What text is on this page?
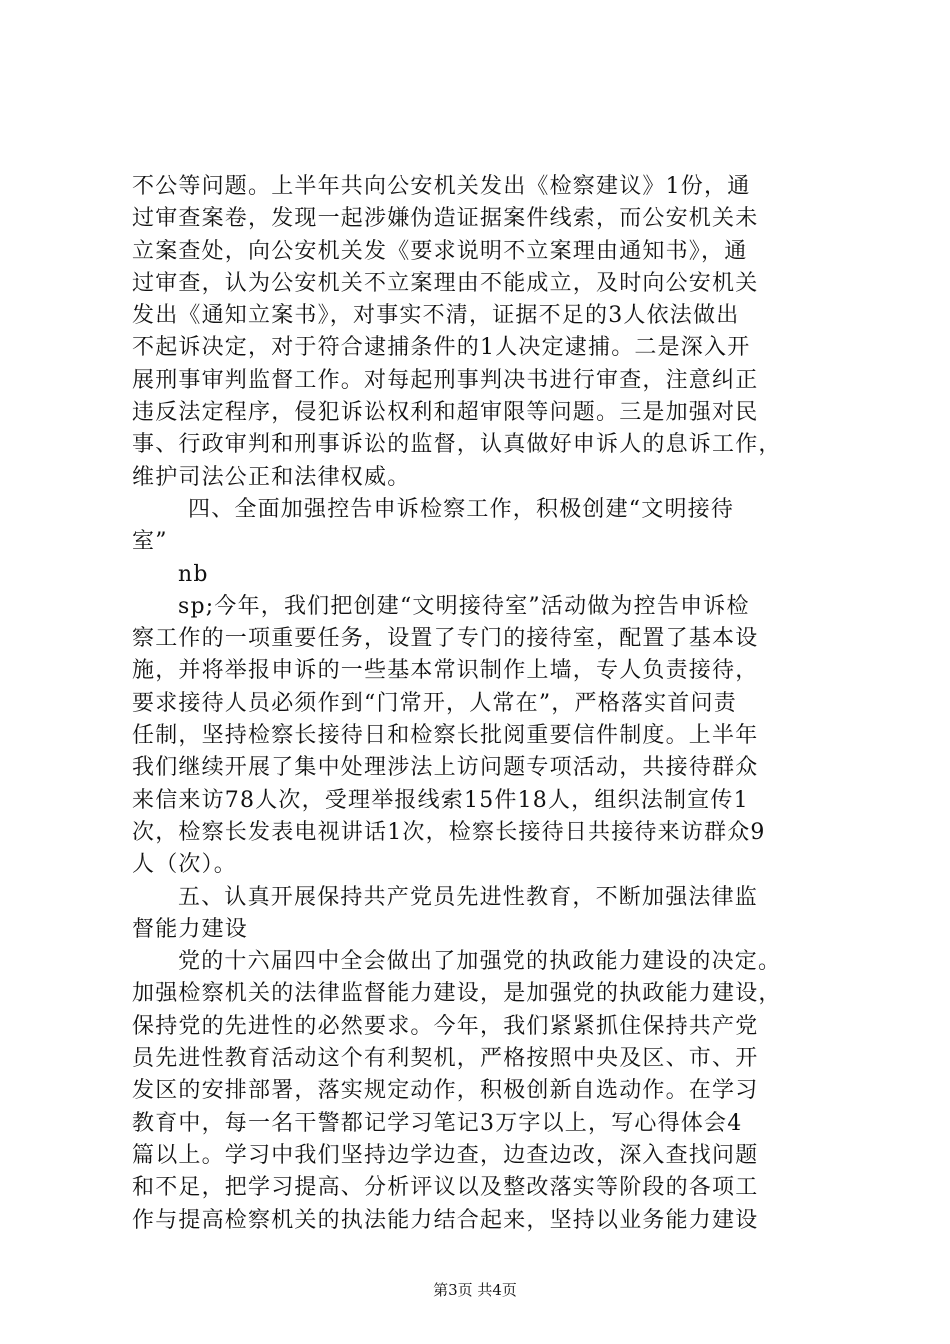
不公等问题。上半年共向公安机关发出《检察建议》1份，通
过审查案卷，发现一起涉嫌伪造证据案件线索，而公安机关未
立案查处，向公安机关发《要求说明不立案理由通知书》，通
过审查，认为公安机关不立案理由不能成立，及时向公安机关
发出《通知立案书》，对事实不清，证据不足的3人依法做出
不起诉决定，对于符合逮捕条件的1人决定逮捕。二是深入开
展刑事审判监督工作。对每起刑事判决书进行审查，注意纠正
违反法定程序，侵犯诉讼权利和超审限等问题。三是加强对民
事、行政审判和刑事诉讼的监督，认真做好申诉人的息诉工作，
维护司法公正和法律权威。
四、全面加强控告申诉检察工作，积极创建“文明接待
室”
nb
sp;今年，我们把创建“文明接待室”活动做为控告申诉检
察工作的一项重要任务，设置了专门的接待室，配置了基本设
施，并将举报申诉的一些基本常识制作上墙，专人负责接待，
要求接待人员必须作到“门常开，人常在”，严格落实首问责
任制，坚持检察长接待日和检察长批阅重要信件制度。上半年
我们继续开展了集中处理涉法上访问题专项活动，共接待群众
来信来访78人次，受理举报线索15件18人，组织法制宣传1
次，检察长发表电视讲话1次，检察长接待日共接待来访群众9
人（次）。
五、认真开展保持共产党员先进性教育，不断加强法律监
督能力建设
党的十六届四中全会做出了加强党的执政能力建设的决定。
加强检察机关的法律监督能力建设，是加强党的执政能力建设，
保持党的先进性的必然要求。今年，我们紧紧抓住保持共产党
员先进性教育活动这个有利契机，严格按照中央及区、市、开
发区的安排部署，落实规定动作，积极创新自选动作。在学习
教育中，每一名干警都记学习笔记3万字以上，写心得体会4
篇以上。学习中我们坚持边学边查，边查边改，深入查找问题
和不足，把学习提高、分析评议以及整改落实等阶段的各项工
作与提高检察机关的执法能力结合起来，坚持以业务能力建设
第3页 共4页
